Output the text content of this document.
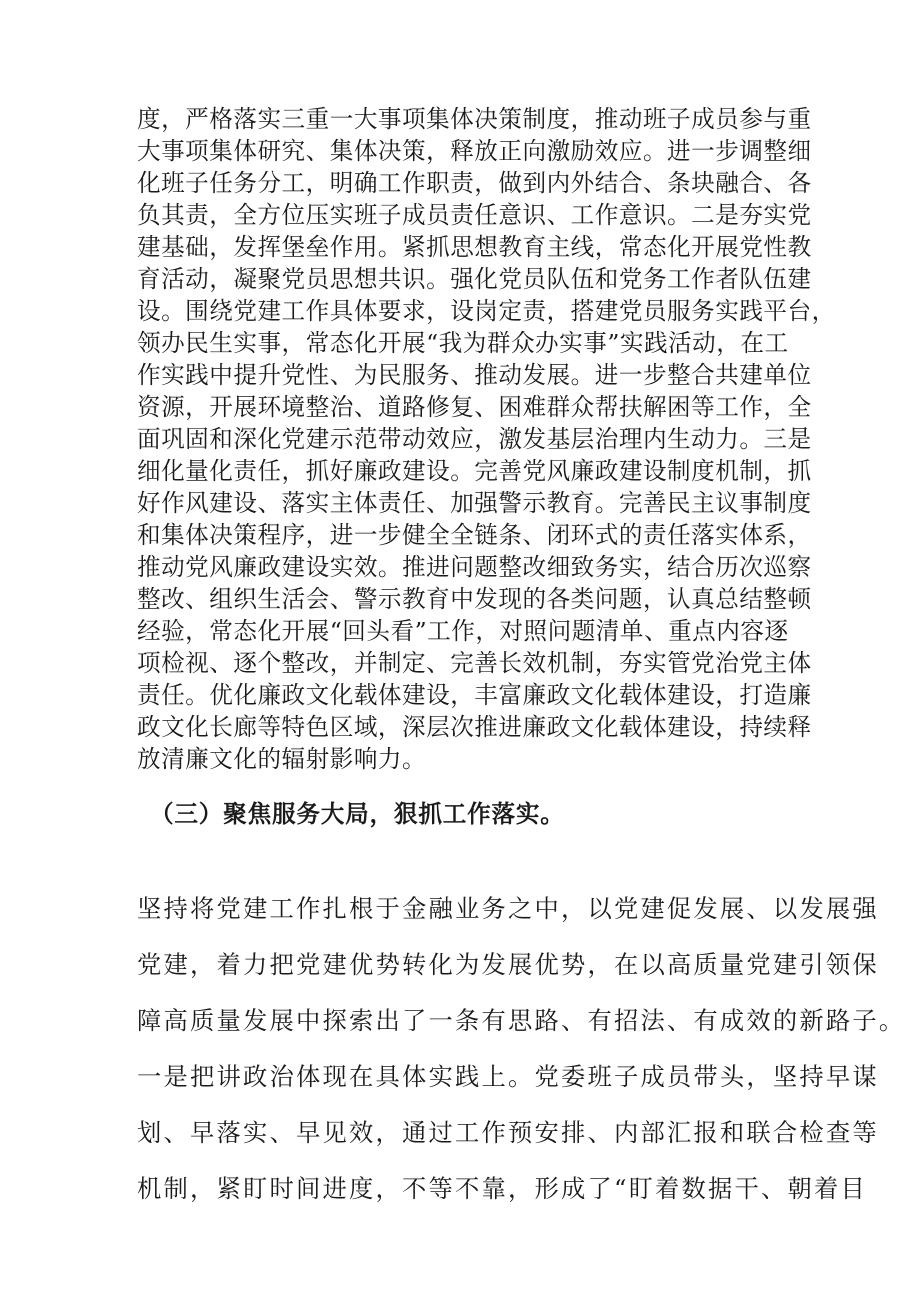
度，严格落实三重一大事项集体决策制度，推动班子成员参与重

大事项集体研究、集体决策，释放正向激励效应。进一步调整细

化班子任务分工，明确工作职责，做到内外结合、条块融合、各

负其责，全方位压实班子成员责任意识、工作意识。二是夯实党

建基础，发挥堡垒作用。紧抓思想教育主线，常态化开展党性教

育活动，凝聚党员思想共识。强化党员队伍和党务工作者队伍建

设。围绕党建工作具体要求，设岗定责，搭建党员服务实践平台，

领办民生实事，常态化开展“我为群众办实事”实践活动，在工

作实践中提升党性、为民服务、推动发展。进一步整合共建单位

资源，开展环境整治、道路修复、困难群众帮扶解困等工作，全

面巩固和深化党建示范带动效应，激发基层治理内生动力。三是

细化量化责任，抓好廉政建设。完善党风廉政建设制度机制，抓

好作风建设、落实主体责任、加强警示教育。完善民主议事制度

和集体决策程序，进一步健全全链条、闭环式的责任落实体系，

推动党风廉政建设实效。推进问题整改细致务实，结合历次巡察

整改、组织生活会、警示教育中发现的各类问题，认真总结整顿

经验，常态化开展“回头看”工作，对照问题清单、重点内容逐

项检视、逐个整改，并制定、完善长效机制，夯实管党治党主体

责任。优化廉政文化载体建设，丰富廉政文化载体建设，打造廉

政文化长廊等特色区域，深层次推进廉政文化载体建设，持续释

放清廉文化的辐射影响力。

（三）聚焦服务大局，狠抓工作落实。

坚持将党建工作扎根于金融业务之中，以党建促发展、以发展强

党建，着力把党建优势转化为发展优势，在以高质量党建引领保

障高质量发展中探索出了一条有思路、有招法、有成效的新路子。

一是把讲政治体现在具体实践上。党委班子成员带头，坚持早谋

划、早落实、早见效，通过工作预安排、内部汇报和联合检查等

机制，紧盯时间进度，不等不靠，形成了“盯着数据干、朝着目
